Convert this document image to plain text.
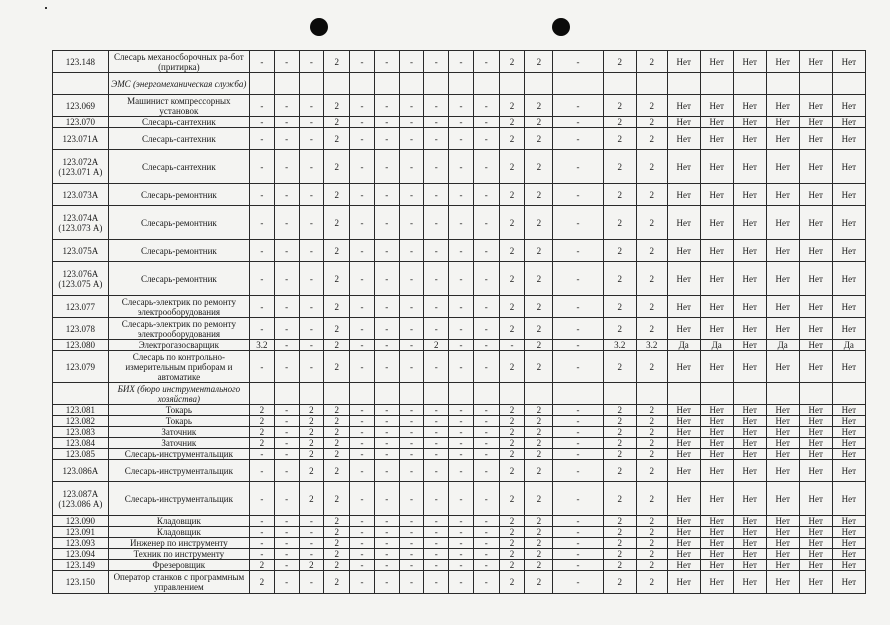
123.148	Слесарь механосборочных ра-бот (притирка)	-	-	-	2	-	-	-	-	-	-	2	2	-	2	2	Нет	Нет	Нет	Нет	Нет	Нет
	ЭМС (энергомеханическая служба)																					
123.069	Машинист компрессорных установок	-	-	-	2	-	-	-	-	-	-	2	2	-	2	2	Нет	Нет	Нет	Нет	Нет	Нет
123.070	Слесарь-сантехник	-	-	-	2	-	-	-	-	-	-	2	2	-	2	2	Нет	Нет	Нет	Нет	Нет	Нет
123.071А	Слесарь-сантехник	-	-	-	2	-	-	-	-	-	-	2	2	-	2	2	Нет	Нет	Нет	Нет	Нет	Нет
123.072А (123.071 А)	Слесарь-сантехник	-	-	-	2	-	-	-	-	-	-	2	2	-	2	2	Нет	Нет	Нет	Нет	Нет	Нет
123.073А	Слесарь-ремонтник	-	-	-	2	-	-	-	-	-	-	2	2	-	2	2	Нет	Нет	Нет	Нет	Нет	Нет
123.074А (123.073 А)	Слесарь-ремонтник	-	-	-	2	-	-	-	-	-	-	2	2	-	2	2	Нет	Нет	Нет	Нет	Нет	Нет
123.075А	Слесарь-ремонтник	-	-	-	2	-	-	-	-	-	-	2	2	-	2	2	Нет	Нет	Нет	Нет	Нет	Нет
123.076А (123.075 А)	Слесарь-ремонтник	-	-	-	2	-	-	-	-	-	-	2	2	-	2	2	Нет	Нет	Нет	Нет	Нет	Нет
123.077	Слесарь-электрик по ремонту электрооборудования	-	-	-	2	-	-	-	-	-	-	2	2	-	2	2	Нет	Нет	Нет	Нет	Нет	Нет
123.078	Слесарь-электрик по ремонту электрооборудования	-	-	-	2	-	-	-	-	-	-	2	2	-	2	2	Нет	Нет	Нет	Нет	Нет	Нет
123.080	Электрогазосварщик	3.2	-	-	2	-	-	-	2	-	-	-	2	-	3.2	3.2	Да	Да	Нет	Да	Нет	Да
123.079	Слесарь по контрольно-измерительным приборам и автоматике	-	-	-	2	-	-	-	-	-	-	2	2	-	2	2	Нет	Нет	Нет	Нет	Нет	Нет
	БИХ (бюро инструментального хозяйства)																					
123.081	Токарь	2	-	2	2	-	-	-	-	-	-	2	2	-	2	2	Нет	Нет	Нет	Нет	Нет	Нет
123.082	Токарь	2	-	2	2	-	-	-	-	-	-	2	2	-	2	2	Нет	Нет	Нет	Нет	Нет	Нет
123.083	Заточник	2	-	2	2	-	-	-	-	-	-	2	2	-	2	2	Нет	Нет	Нет	Нет	Нет	Нет
123.084	Заточник	2	-	2	2	-	-	-	-	-	-	2	2	-	2	2	Нет	Нет	Нет	Нет	Нет	Нет
123.085	Слесарь-инструментальщик	-	-	2	2	-	-	-	-	-	-	2	2	-	2	2	Нет	Нет	Нет	Нет	Нет	Нет
123.086А	Слесарь-инструментальщик	-	-	2	2	-	-	-	-	-	-	2	2	-	2	2	Нет	Нет	Нет	Нет	Нет	Нет
123.087А (123.086 А)	Слесарь-инструментальщик	-	-	2	2	-	-	-	-	-	-	2	2	-	2	2	Нет	Нет	Нет	Нет	Нет	Нет
123.090	Кладовщик	-	-	-	2	-	-	-	-	-	-	2	2	-	2	2	Нет	Нет	Нет	Нет	Нет	Нет
123.091	Кладовщик	-	-	-	2	-	-	-	-	-	-	2	2	-	2	2	Нет	Нет	Нет	Нет	Нет	Нет
123.093	Инженер по инструменту	-	-	-	2	-	-	-	-	-	-	2	2	-	2	2	Нет	Нет	Нет	Нет	Нет	Нет
123.094	Техник по инструменту	-	-	-	2	-	-	-	-	-	-	2	2	-	2	2	Нет	Нет	Нет	Нет	Нет	Нет
123.149	Фрезеровщик	2	-	2	2	-	-	-	-	-	-	2	2	-	2	2	Нет	Нет	Нет	Нет	Нет	Нет
123.150	Оператор станков с программным управлением	2	-	-	2	-	-	-	-	-	-	2	2	-	2	2	Нет	Нет	Нет	Нет	Нет	Нет
